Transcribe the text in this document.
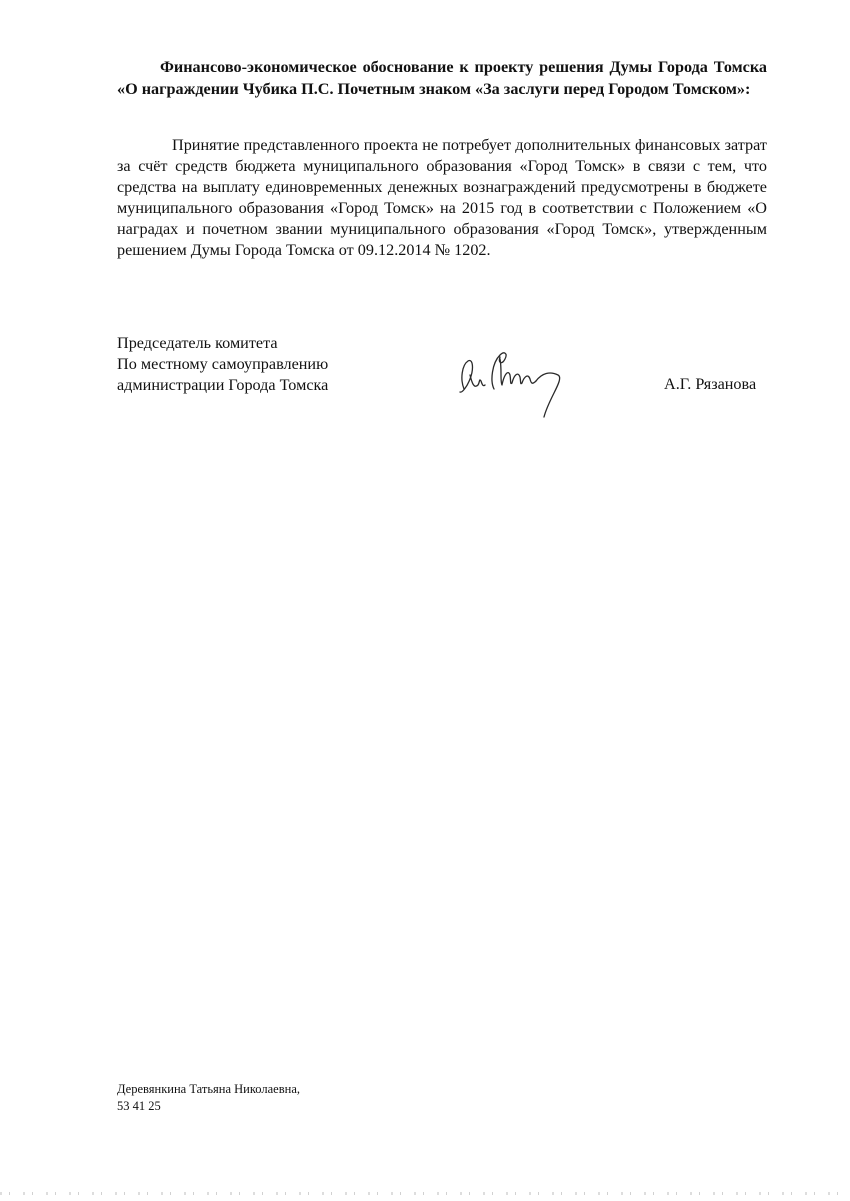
Финансово-экономическое обоснование к проекту решения Думы Города Томска «О награждении Чубика П.С. Почетным знаком «За заслуги перед Городом Томском»:
Принятие представленного проекта не потребует дополнительных финансовых затрат за счёт средств бюджета муниципального образования «Город Томск» в связи с тем, что средства на выплату единовременных денежных вознаграждений предусмотрены в бюджете муниципального образования «Город Томск» на 2015 год в соответствии с Положением «О наградах и почетном звании муниципального образования «Город Томск», утвержденным решением Думы Города Томска от 09.12.2014 № 1202.
Председатель комитета
По местному самоуправлению
администрации Города Томска	А.Г. Рязанова
Деревянкина Татьяна Николаевна,
53 41 25
